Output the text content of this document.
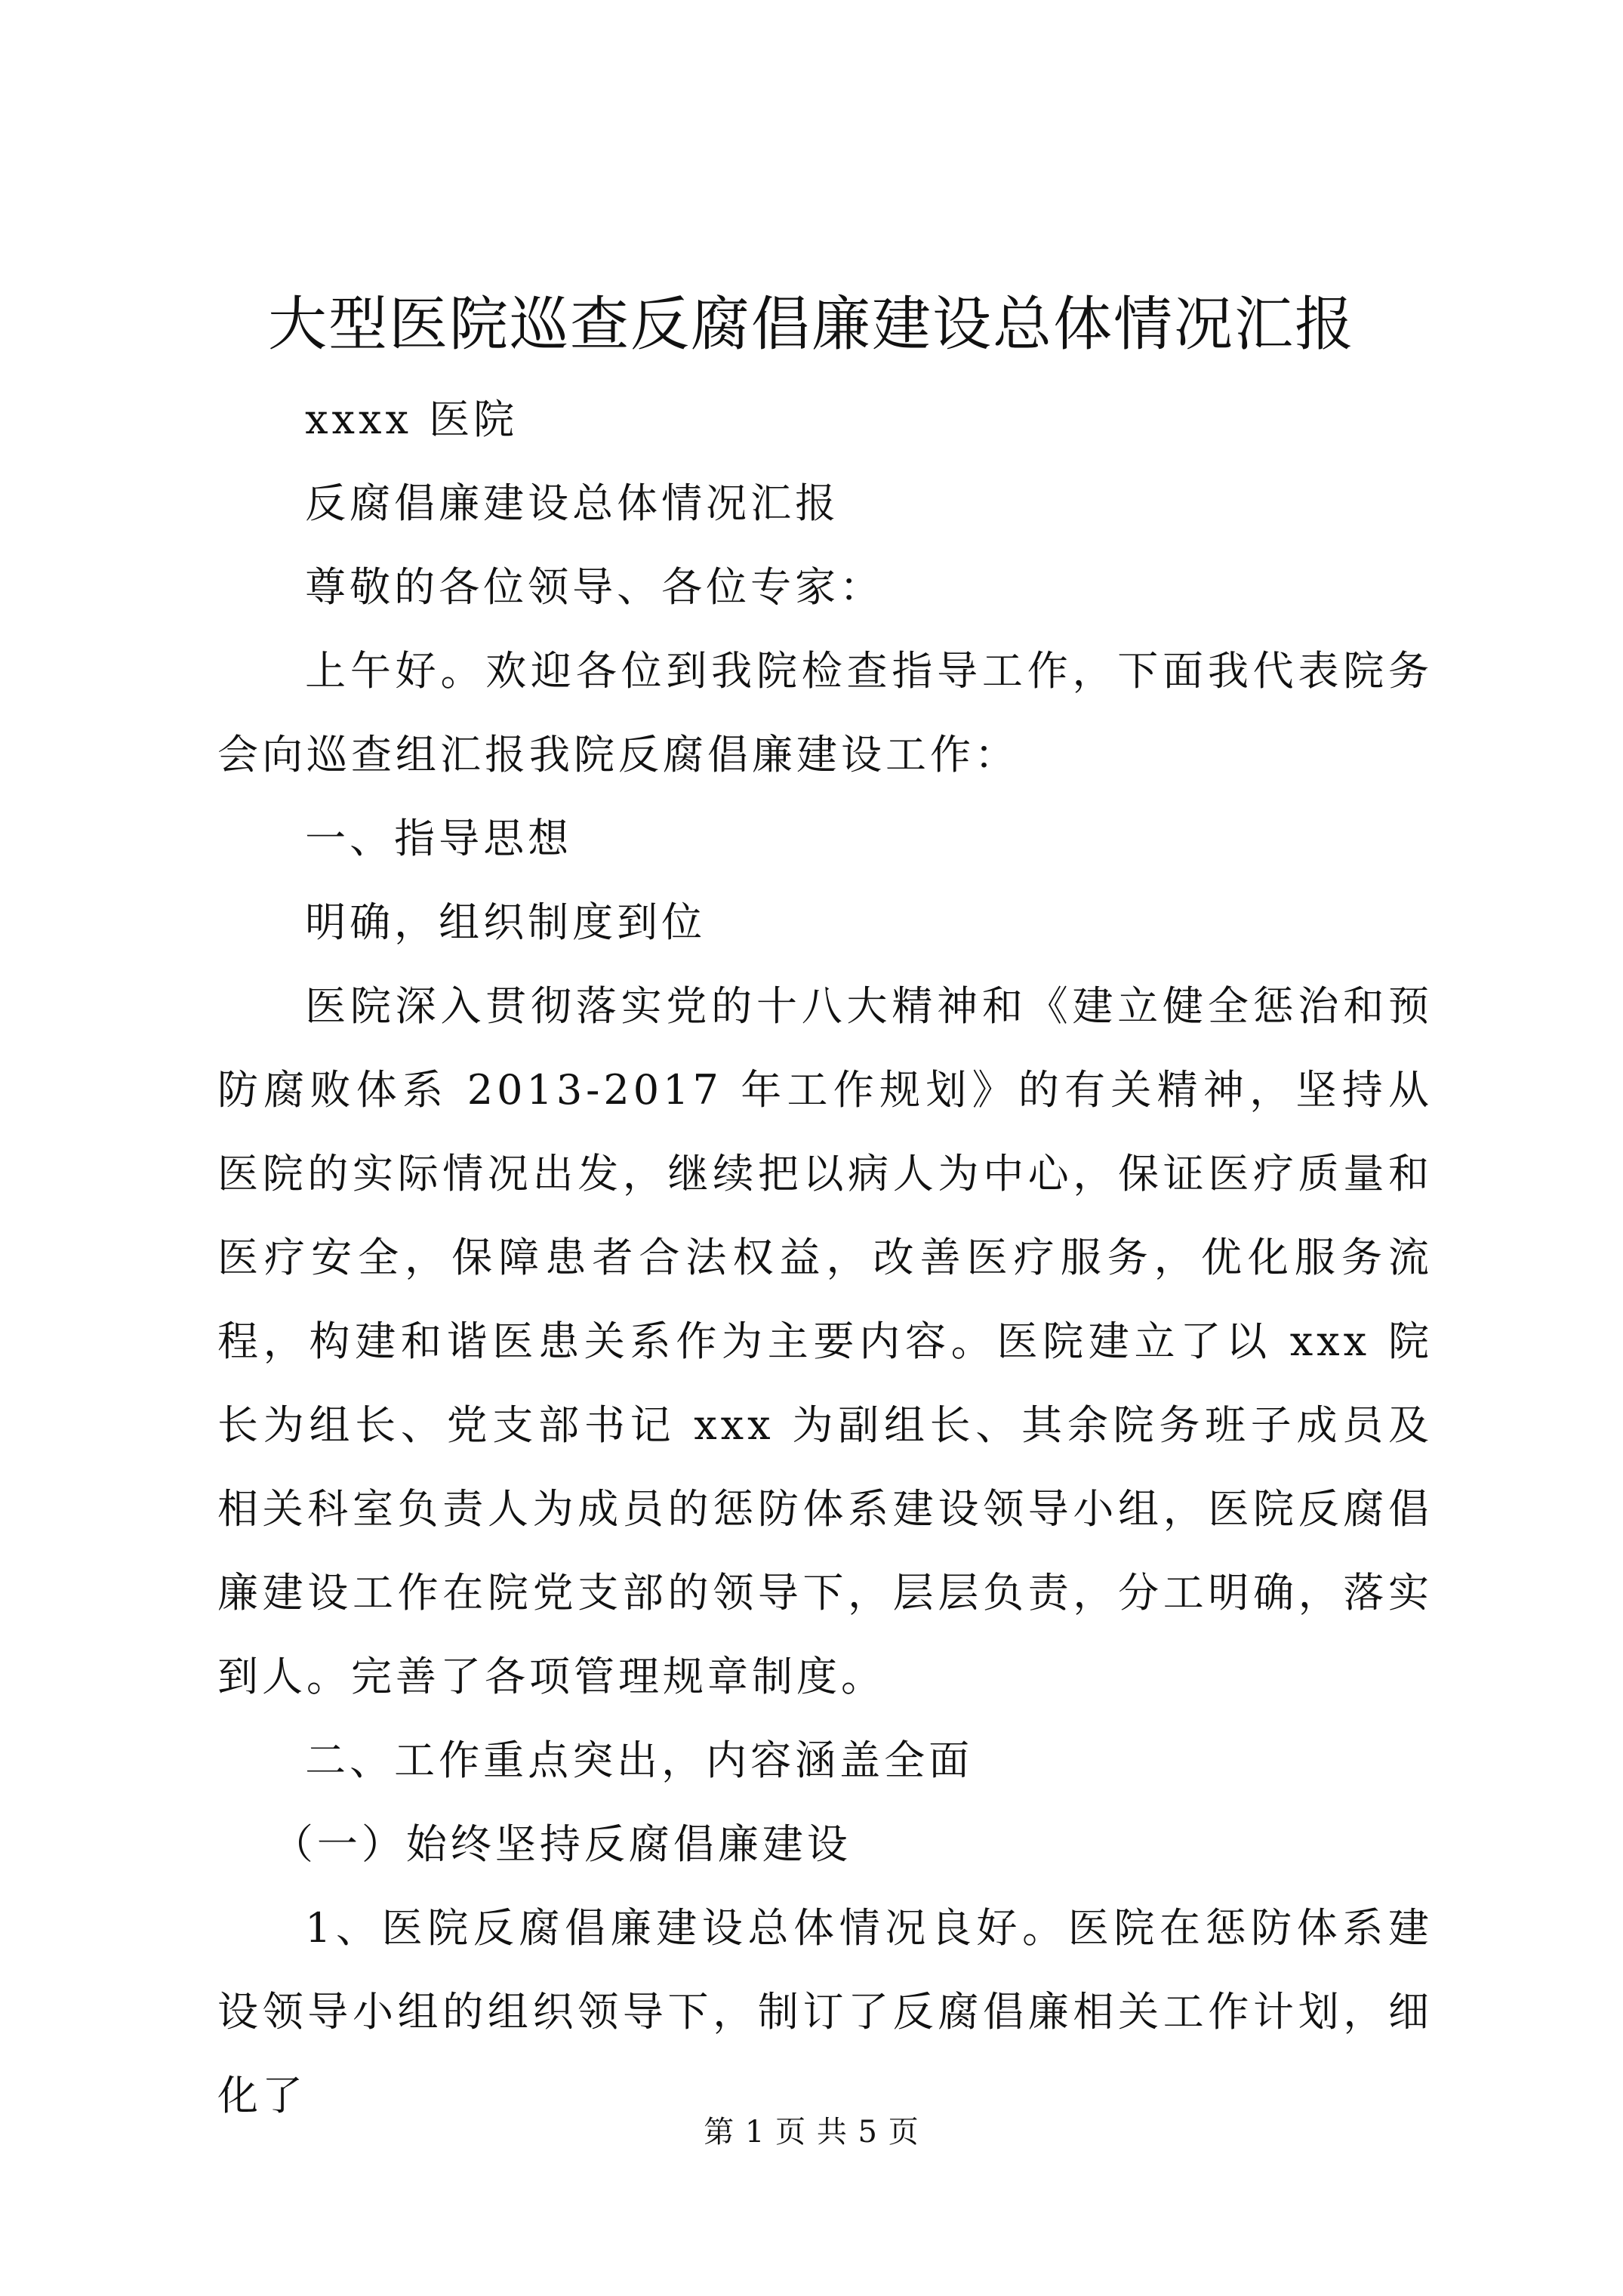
大型医院巡查反腐倡廉建设总体情况汇报

xxxx 医院

反腐倡廉建设总体情况汇报

尊敬的各位领导、各位专家：

上午好。欢迎各位到我院检查指导工作，下面我代表院务会向巡查组汇报我院反腐倡廉建设工作：

一、指导思想

明确，组织制度到位

医院深入贯彻落实党的十八大精神和《建立健全惩治和预防腐败体系 2013-2017 年工作规划》的有关精神，坚持从医院的实际情况出发，继续把以病人为中心，保证医疗质量和医疗安全，保障患者合法权益，改善医疗服务，优化服务流程，构建和谐医患关系作为主要内容。医院建立了以 xxx 院长为组长、党支部书记 xxx 为副组长、其余院务班子成员及相关科室负责人为成员的惩防体系建设领导小组，医院反腐倡廉建设工作在院党支部的领导下，层层负责，分工明确，落实到人。完善了各项管理规章制度。

二、工作重点突出，内容涵盖全面

（一）始终坚持反腐倡廉建设

1、医院反腐倡廉建设总体情况良好。医院在惩防体系建设领导小组的组织领导下，制订了反腐倡廉相关工作计划，细化了

第 1 页 共 5 页
